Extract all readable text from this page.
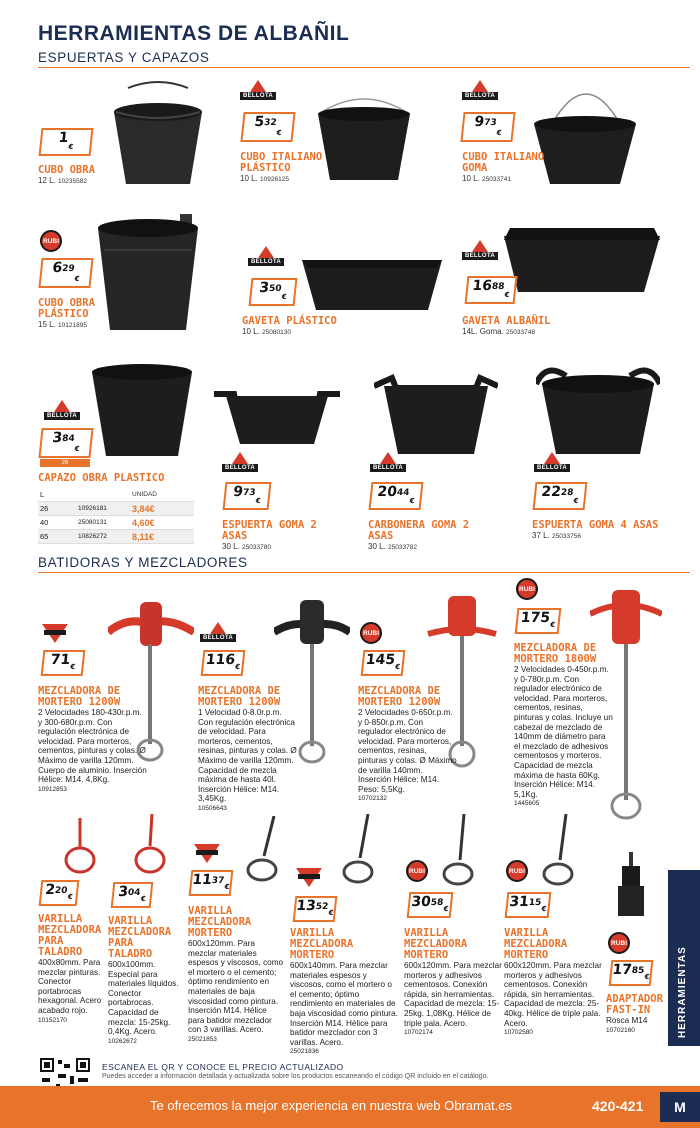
HERRAMIENTAS DE ALBAÑIL
ESPUERTAS Y CAPAZOS
1
€
CUBO OBRA
12 L. 10235582
BELLOTA
5
32
€
CUBO ITALIANO PLÁSTICO
10 L. 10926125
BELLOTA
9
73
€
CUBO ITALIANO GOMA
10 L. 25033741
RUBI
6
29
€
CUBO OBRA PLÁSTICO
15 L. 10121895
BELLOTA
3
50
€
GAVETA PLÁSTICO
10 L. 25080130
BELLOTA
16
88
€
GAVETA ALBAÑIL
14L. Goma. 25033748
BELLOTA
3
84
€
26
CAPAZO OBRA PLASTICO
L	UNIDAD
26	10926181	3,84€
40	25080131	4,60€
65	10826272	8,11€
BELLOTA
9
73
€
ESPUERTA GOMA 2 ASAS
30 L. 25033780
BELLOTA
20
44
€
CARBONERA GOMA 2 ASAS
30 L. 25033782
BELLOTA
22
28
€
ESPUERTA GOMA 4 ASAS
37 L. 25033756
BATIDORAS Y MEZCLADORES
71 €
MEZCLADORA DE MORTERO 1200W
2 Velocidades 180-430r.p.m. y 300-680r.p.m. Con regulación electrónica de velocidad. Para morteros, cementos, pinturas y colas. Ø Máximo de varilla 120mm. Cuerpo de aluminio. Inserción Hélice: M14. 4,8Kg.
10912853
BELLOTA
116 €
MEZCLADORA DE MORTERO 1200W
1 Velocidad 0-8.0r.p.m. Con regulación electrónica de velocidad. Para morteros, cementos, resinas, pinturas y colas. Ø Máximo de varilla 120mm. Capacidad de mezcla máxima de hasta 40l. Inserción Hélice: M14. 3,45Kg.
10506643
RUBI
145 €
MEZCLADORA DE MORTERO 1200W
2 Velocidades 0-650r.p.m. y 0-850r.p.m. Con regulador electrónico de velocidad. Para morteros, cementos, resinas, pinturas y colas. Ø Máximo de varilla 140mm. Inserción Hélice: M14. Peso: 5,5Kg.
10702132
RUBI
175 €
MEZCLADORA DE MORTERO 1800W
2 Velocidades 0-450r.p.m. y 0-780r.p.m. Con regulador electrónico de velocidad. Para morteros, cementos, resinas, pinturas y colas. Incluye un cabezal de mezclado de 140mm de diámetro para el mezclado de adhesivos cementosos y morteros. Capacidad de mezcla máxima de hasta 60Kg. Inserción Hélice: M14. 5,1Kg.
1445605
2
20
€
VARILLA MEZCLADORA PARA TALADRO
400x80mm. Para mezclar pinturas. Conector portabrocas hexagonal. Acero acabado rojo.
10152170
3
04
€
VARILLA MEZCLADORA PARA TALADRO
600x100mm. Especial para materiales líquidos. Conector portabrocas. Capacidad de mezcla: 15-25kg. 0,4Kg. Acero.
10262672
11
37
€
VARILLA MEZCLADORA MORTERO
600x120mm. Para mezclar materiales espesos y viscosos, como el mortero o el cemento; óptimo rendimiento en materiales de baja viscosidad como pintura. Inserción M14. Hélice para batidor mezclador con 3 varillas. Acero.
25021853
13
52
€
VARILLA MEZCLADORA MORTERO
600x140mm. Para mezclar materiales espesos y viscosos, como el mortero o el cemento; óptimo rendimiento en materiales de baja viscosidad como pintura. Inserción M14. Hélice para batidor mezclador con 3 varillas. Acero.
25021836
RUBI
30
58
€
VARILLA MEZCLADORA MORTERO
600x120mm. Para mezclar morteros y adhesivos cementosos. Conexión rápida, sin herramientas. Capacidad de mezcla: 15-25kg. 1,08Kg. Hélice de triple pala. Acero.
10702174
RUBI
31
15
€
VARILLA MEZCLADORA MORTERO
600x120mm. Para mezclar morteros y adhesivos cementosos. Conexión rápida, sin herramientas. Capacidad de mezcla: 25-40kg. Hélice de triple pala. Acero.
10702580
RUBI
17
85
€
ADAPTADOR FAST-IN
Rosca M14
10702160	HERRAMIENTAS
ESCANEA EL QR Y CONOCE EL PRECIO ACTUALIZADO
Puedes acceder a información detallada y actualizada sobre los productos escaneando el código QR incluido en el catálogo.
Te ofrecemos la mejor experiencia en nuestra web Obramat.es	420-421	M
